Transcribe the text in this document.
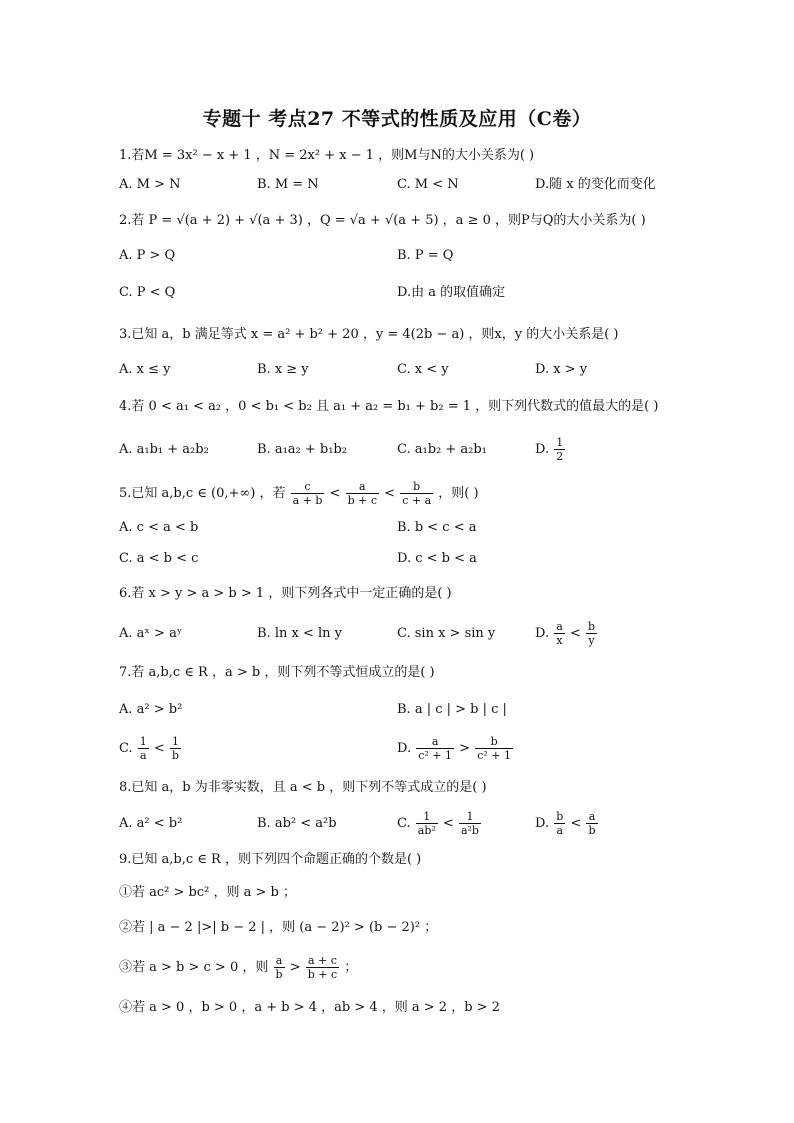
专题十 考点27 不等式的性质及应用（C卷）
1.若M = 3x² − x + 1 ，N = 2x² + x − 1 ，则M与N的大小关系为( )
A. M > N	B. M = N	C. M < N	D.随 x 的变化而变化
2.若 P = √(a + 2) + √(a + 3) ，Q = √a + √(a + 5) ，a ≥ 0 ，则P与Q的大小关系为( )
A. P > Q	B. P = Q
C. P < Q	D.由 a 的取值确定
3.已知 a，b 满足等式 x = a² + b² + 20 ，y = 4(2b − a) ，则x，y 的大小关系是( )
A. x ≤ y	B. x ≥ y	C. x < y	D. x > y
4.若 0 < a₁ < a₂ ，0 < b₁ < b₂ 且 a₁ + a₂ = b₁ + b₂ = 1 ，则下列代数式的值最大的是( )
A. a₁b₁ + a₂b₂	B. a₁a₂ + b₁b₂	C. a₁b₂ + a₂b₁	D. $\frac{1}{2}$
5.已知 a,b,c ∈ (0,+∞) ，若 $\frac{c}{a + b} < \frac{a}{b + c} < \frac{b}{c + a}$ ，则( )
A. c < a < b	B. b < c < a
C. a < b < c	D. c < b < a
6.若 x > y > a > b > 1 ，则下列各式中一定正确的是( )
A. aˣ > aʸ	B. ln x < ln y	C. sin x > sin y	D. $\frac{a}{x} < \frac{b}{y}$
7.若 a,b,c ∈ R ，a > b ，则下列不等式恒成立的是( )
A. a² > b²	B. a | c | > b | c |
C. $\frac{1}{a} < \frac{1}{b}$	D. $\frac{a}{\text{c² + 1}} > \frac{b}{\text{c² + 1}}$
8.已知 a，b 为非零实数，且 a < b ，则下列不等式成立的是( )
A. a² < b²	B. ab² < a²b	C. $\frac{1}{\text{ab²}} < \frac{1}{\text{a²b}}$	D. $\frac{b}{a} < \frac{a}{b}$
9.已知 a,b,c ∈ R ，则下列四个命题正确的个数是( )
①若 ac² > bc² ，则 a > b ；
②若 | a − 2 |>| b − 2 | ，则 (a − 2)² > (b − 2)² ；
③若 a > b > c > 0 ，则 $\frac{a}{b} > \frac{a + c}{b + c}$ ；
④若 a > 0 ，b > 0 ，a + b > 4 ，ab > 4 ，则 a > 2 ，b > 2
